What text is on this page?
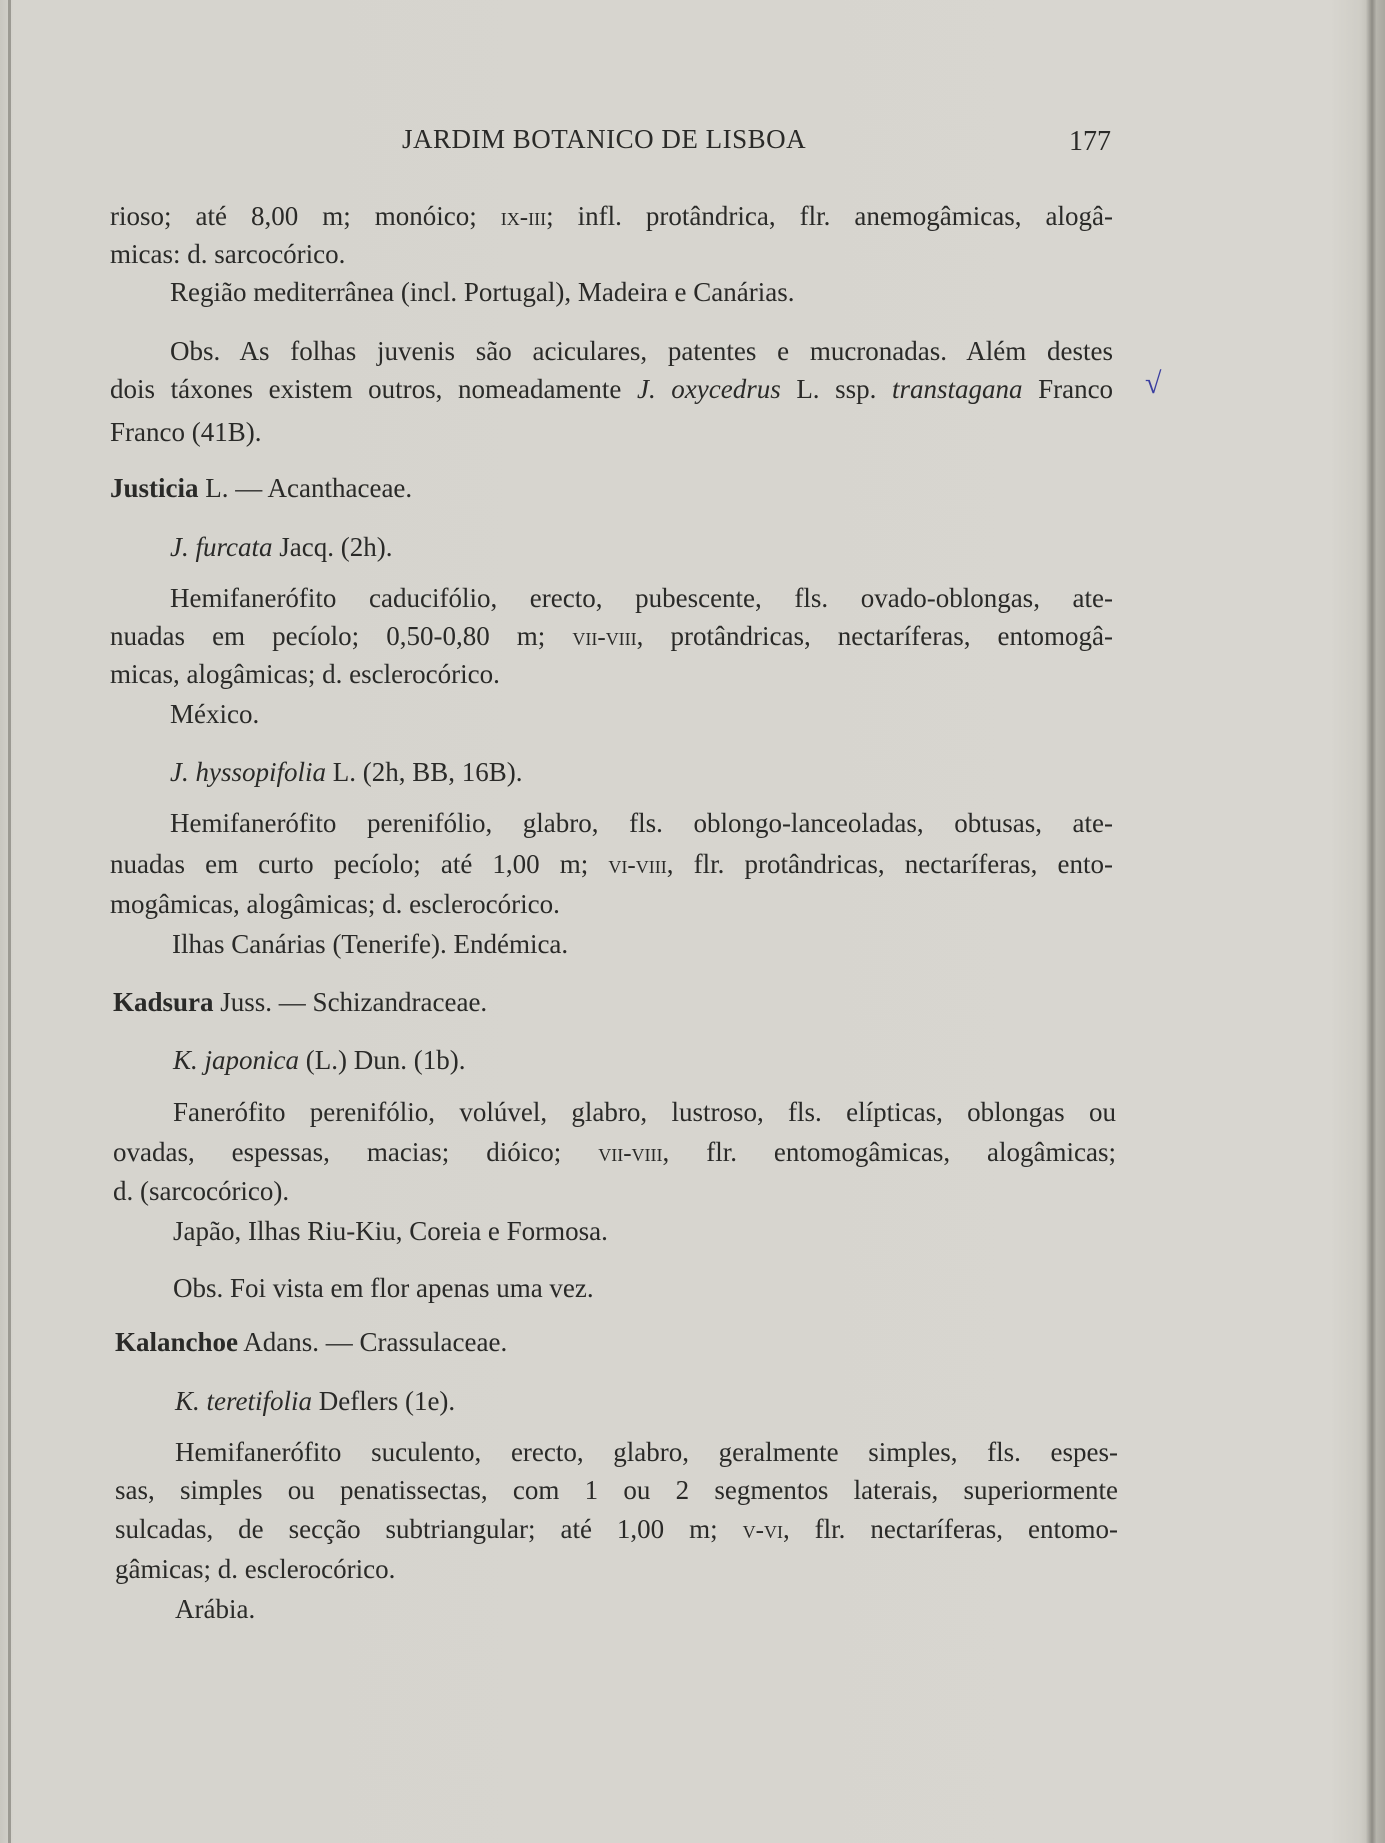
JARDIM BOTANICO DE LISBOA	177
rioso; até 8,00 m; monóico; ix-iii; infl. protândrica, flr. anemogâmicas, alogâ-
micas: d. sarcocórico.
Região mediterrânea (incl. Portugal), Madeira e Canárias.
Obs. As folhas juvenis são aciculares, patentes e mucronadas. Além destes
dois táxones existem outros, nomeadamente J. oxycedrus L. ssp. transtagana Franco
Franco (41B).
√
Justicia L. — Acanthaceae.
J. furcata Jacq. (2h).
Hemifanerófito caducifólio, erecto, pubescente, fls. ovado-oblongas, ate-
nuadas em pecíolo; 0,50-0,80 m; vii-viii, protândricas, nectaríferas, entomogâ-
micas, alogâmicas; d. esclerocórico.
México.
J. hyssopifolia L. (2h, BB, 16B).
Hemifanerófito perenifólio, glabro, fls. oblongo-lanceoladas, obtusas, ate-
nuadas em curto pecíolo; até 1,00 m; vi-viii, flr. protândricas, nectaríferas, ento-
mogâmicas, alogâmicas; d. esclerocórico.
Ilhas Canárias (Tenerife). Endémica.
Kadsura Juss. — Schizandraceae.
K. japonica (L.) Dun. (1b).
Fanerófito perenifólio, volúvel, glabro, lustroso, fls. elípticas, oblongas ou
ovadas, espessas, macias; dióico; vii-viii, flr. entomogâmicas, alogâmicas;
d. (sarcocórico).
Japão, Ilhas Riu-Kiu, Coreia e Formosa.
Obs. Foi vista em flor apenas uma vez.
Kalanchoe Adans. — Crassulaceae.
K. teretifolia Deflers (1e).
Hemifanerófito suculento, erecto, glabro, geralmente simples, fls. espes-
sas, simples ou penatissectas, com 1 ou 2 segmentos laterais, superiormente
sulcadas, de secção subtriangular; até 1,00 m; v-vi, flr. nectaríferas, entomo-
gâmicas; d. esclerocórico.
Arábia.
